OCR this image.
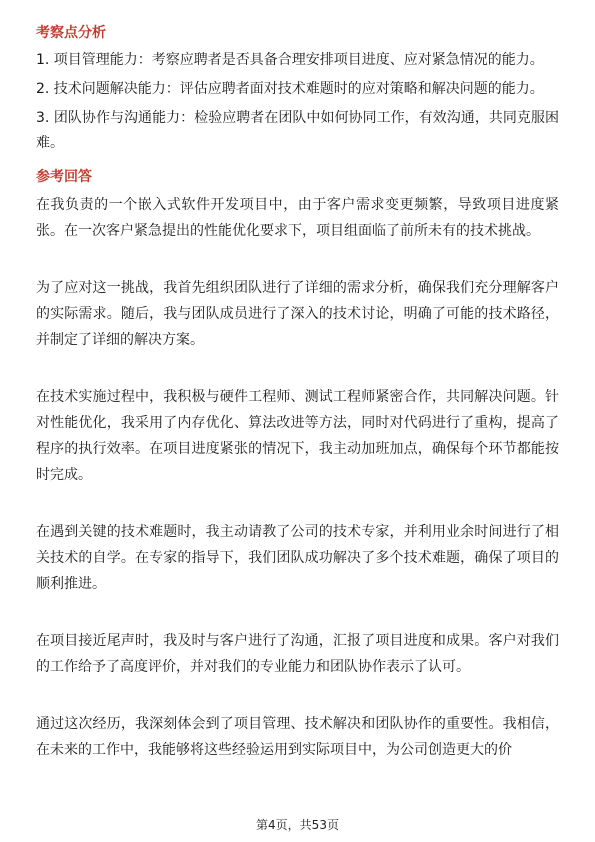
考察点分析
1. 项目管理能力：考察应聘者是否具备合理安排项目进度、应对紧急情况的能力。
2. 技术问题解决能力：评估应聘者面对技术难题时的应对策略和解决问题的能力。
3. 团队协作与沟通能力：检验应聘者在团队中如何协同工作，有效沟通，共同克服困难。
参考回答

在我负责的一个嵌入式软件开发项目中，由于客户需求变更频繁，导致项目进度紧张。在一次客户紧急提出的性能优化要求下，项目组面临了前所未有的技术挑战。

为了应对这一挑战，我首先组织团队进行了详细的需求分析，确保我们充分理解客户的实际需求。随后，我与团队成员进行了深入的技术讨论，明确了可能的技术路径，并制定了详细的解决方案。

在技术实施过程中，我积极与硬件工程师、测试工程师紧密合作，共同解决问题。针对性能优化，我采用了内存优化、算法改进等方法，同时对代码进行了重构，提高了程序的执行效率。在项目进度紧张的情况下，我主动加班加点，确保每个环节都能按时完成。

在遇到关键的技术难题时，我主动请教了公司的技术专家，并利用业余时间进行了相关技术的自学。在专家的指导下，我们团队成功解决了多个技术难题，确保了项目的顺利推进。

在项目接近尾声时，我及时与客户进行了沟通，汇报了项目进度和成果。客户对我们的工作给予了高度评价，并对我们的专业能力和团队协作表示了认可。

通过这次经历，我深刻体会到了项目管理、技术解决和团队协作的重要性。我相信，在未来的工作中，我能够将这些经验运用到实际项目中，为公司创造更大的价

第4页，共53页
